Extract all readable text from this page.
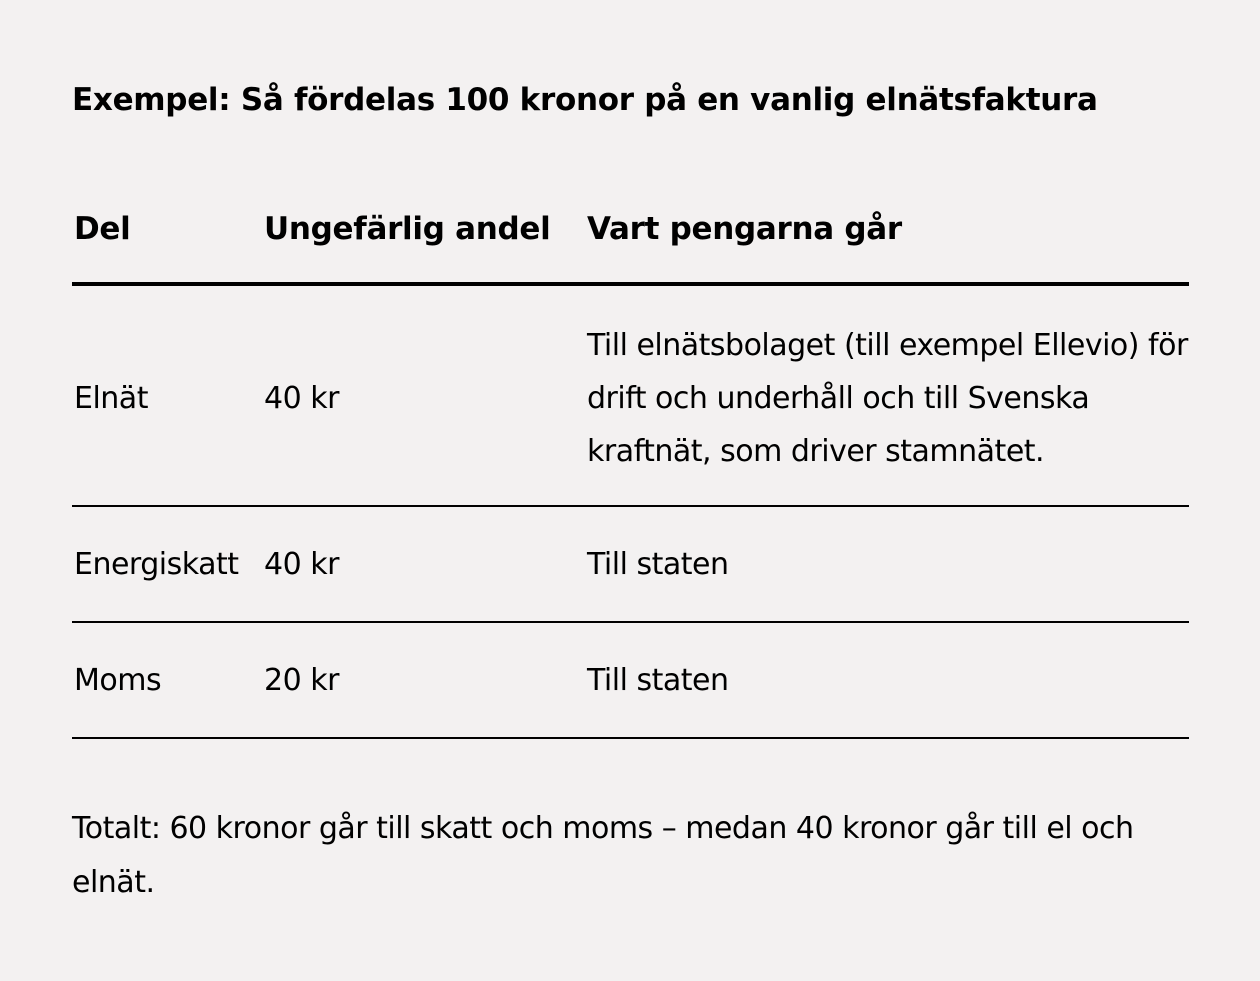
Exempel: Så fördelas 100 kronor på en vanlig elnätsfaktura
Del	Ungefärlig andel	Vart pengarna går
Elnät	40 kr	Till elnätsbolaget (till exempel Ellevio) för drift och underhåll och till Svenska kraftnät, som driver stamnätet.
Energiskatt	40 kr	Till staten
Moms	20 kr	Till staten

Totalt: 60 kronor går till skatt och moms – medan 40 kronor går till el och elnät.
